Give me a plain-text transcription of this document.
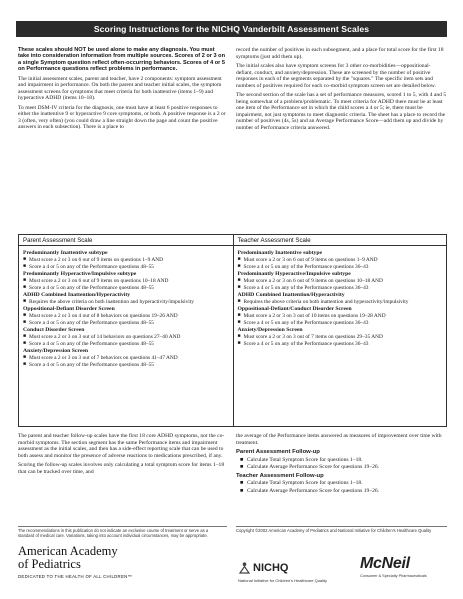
Scoring Instructions for the NICHQ Vanderbilt Assessment Scales
These scales should NOT be used alone to make any diagnosis. You must take into consideration information from multiple sources. Scores of 2 or 3 on a single Symptom question reflect often-occurring behaviors. Scores of 4 or 5 on Performance questions reflect problems in performance.

The initial assessment scales, parent and teacher, have 2 components: symptom assessment and impairment in performance. On both the parent and teacher initial scales, the symptom assessment screens for symptoms that meet criteria for both inattentive (items 1–9) and hyperactive ADHD (items 10–18).

To meet DSM-IV criteria for the diagnosis, one must have at least 6 positive responses to either the inattentive 9 or hyperactive 9 core symptoms, or both. A positive response is a 2 or 3 (often, very often) (you could draw a line straight down the page and count the positive answers in each subsection). There is a place to

record the number of positives in each subsegment, and a place for total score for the first 18 symptoms (just add them up).

The initial scales also have symptom screens for 3 other co-morbidities—oppositional-defiant, conduct, and anxiety/depression. These are screened by the number of positive responses in each of the segments separated by the "squares." The specific item sets and numbers of positives required for each co-morbid symptom screen set are detailed below.

The second section of the scale has a set of performance measures, scored 1 to 5, with 4 and 5 being somewhat of a problem/problematic. To meet criteria for ADHD there must be at least one item of the Performance set in which the child scores a 4 or 5; ie, there must be impairment, not just symptoms to meet diagnostic criteria. The sheet has a place to record the number of positives (4s, 5s) and an Average Performance Score—add them up and divide by number of Performance criteria answered.

Parent Assessment Scale
Predominantly Inattentive subtype
■ Must score a 2 or 3 on 6 out of 9 items on questions 1–9 AND
■ Score a 4 or 5 on any of the Performance questions 48–55
Predominantly Hyperactive/Impulsive subtype
■ Must score a 2 or 3 on 6 out of 9 items on questions 10–18 AND
■ Score a 4 or 5 on any of the Performance questions 48–55
ADHD Combined Inattention/Hyperactivity
■ Requires the above criteria on both inattention and hyperactivity/impulsivity
Oppositional-Defiant Disorder Screen
■ Must score a 2 or 3 on 4 out of 8 behaviors on questions 19–26 AND
■ Score a 4 or 5 on any of the Performance questions 48–55
Conduct Disorder Screen
■ Must score a 2 or 3 on 3 out of 14 behaviors on questions 27–40 AND
■ Score a 4 or 5 on any of the Performance questions 48–55
Anxiety/Depression Screen
■ Must score a 2 or 3 on 3 out of 7 behaviors on questions 41–47 AND
■ Score a 4 or 5 on any of the Performance questions 48–55
Teacher Assessment Scale
Predominantly Inattentive subtype
■ Must score a 2 or 3 on 6 out of 9 items on questions 1–9 AND
■ Score a 4 or 5 on any of the Performance questions 36–43
Predominantly Hyperactive/Impulsive subtype
■ Must score a 2 or 3 on 6 out of 9 items on questions 10–18 AND
■ Score a 4 or 5 on any of the Performance questions 36–43
ADHD Combined Inattention/Hyperactivity
■ Requires the above criteria on both inattention and hyperactivity/impulsivity
Oppositional-Defiant/Conduct Disorder Screen
■ Must score a 2 or 3 on 3 out of 10 items on questions 19–28 AND
■ Score a 4 or 5 on any of the Performance questions 36–43
Anxiety/Depression Screen
■ Must score a 2 or 3 on 3 out of 7 items on questions 29–35 AND
■ Score a 4 or 5 on any of the Performance questions 36–43

The parent and teacher follow-up scales have the first 18 core ADHD symptoms, not the co-morbid symptoms. The section segment has the same Performance items and impairment assessment as the initial scales, and then has a side-effect reporting scale that can be used to both assess and monitor the presence of adverse reactions to medications prescribed, if any.

Scoring the follow-up scales involves only calculating a total symptom score for items 1–18 that can be tracked over time, and

the average of the Performance items answered as measures of improvement over time with treatment.

Parent Assessment Follow-up
■ Calculate Total Symptom Score for questions 1–18.
■ Calculate Average Performance Score for questions 19–26.
Teacher Assessment Follow-up
■ Calculate Total Symptom Score for questions 1–18.
■ Calculate Average Performance Score for questions 19–26.
The recommendations in this publication do not indicate an exclusive course of treatment or serve as a standard of medical care. Variations, taking into account individual circumstances, may be appropriate.
Copyright ©2002 American Academy of Pediatrics and National Initiative for Children's Healthcare Quality
American Academy
of Pediatrics
DEDICATED TO THE HEALTH OF ALL CHILDREN™
NICHQ
National Initiative for Children's Healthcare Quality
McNeil
Consumer & Specialty Pharmaceuticals
